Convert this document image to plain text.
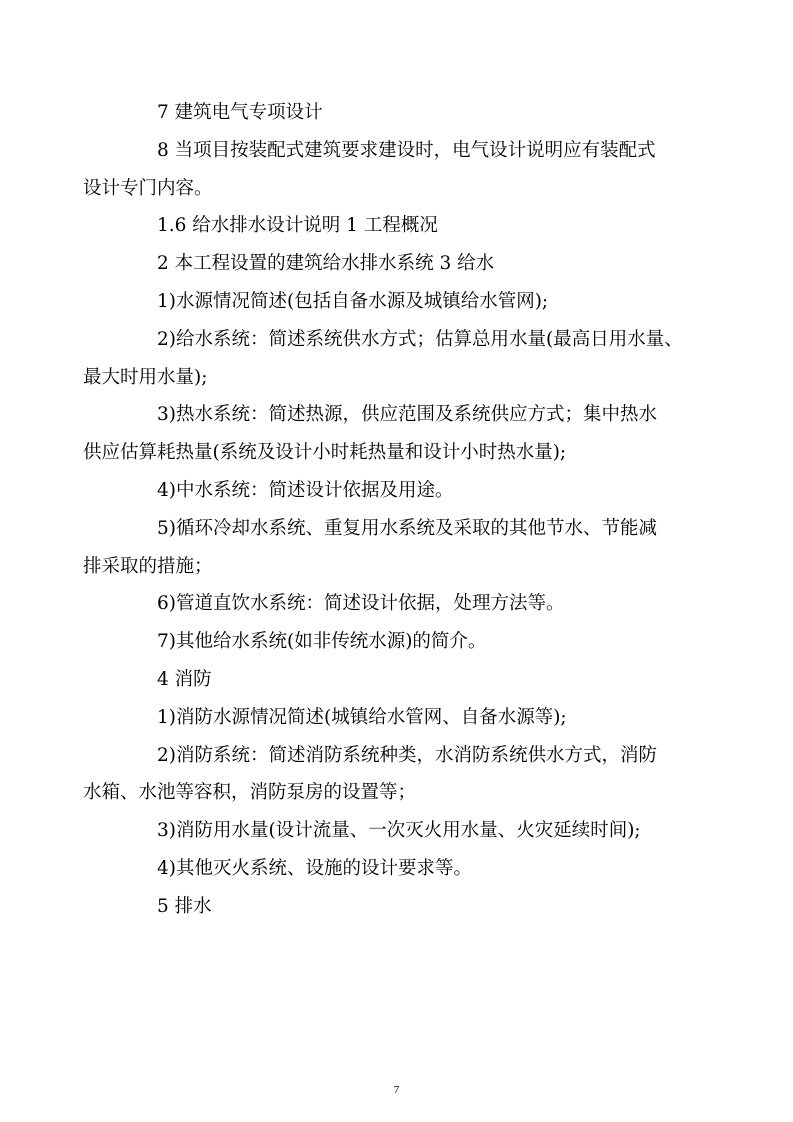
7 建筑电气专项设计

8 当项目按装配式建筑要求建设时，电气设计说明应有装配式
设计专门内容。

1.6 给水排水设计说明 1 工程概况

2 本工程设置的建筑给水排水系统 3 给水

1)水源情况简述(包括自备水源及城镇给水管网);

2)给水系统：简述系统供水方式；估算总用水量(最高日用水量、
最大时用水量);

3)热水系统：简述热源，供应范围及系统供应方式；集中热水
供应估算耗热量(系统及设计小时耗热量和设计小时热水量);

4)中水系统：简述设计依据及用途。

5)循环冷却水系统、重复用水系统及采取的其他节水、节能减
排采取的措施；

6)管道直饮水系统：简述设计依据，处理方法等。

7)其他给水系统(如非传统水源)的简介。

4 消防

1)消防水源情况简述(城镇给水管网、自备水源等);

2)消防系统：简述消防系统种类，水消防系统供水方式，消防
水箱、水池等容积，消防泵房的设置等；

3)消防用水量(设计流量、一次灭火用水量、火灾延续时间);

4)其他灭火系统、设施的设计要求等。

5 排水

7
